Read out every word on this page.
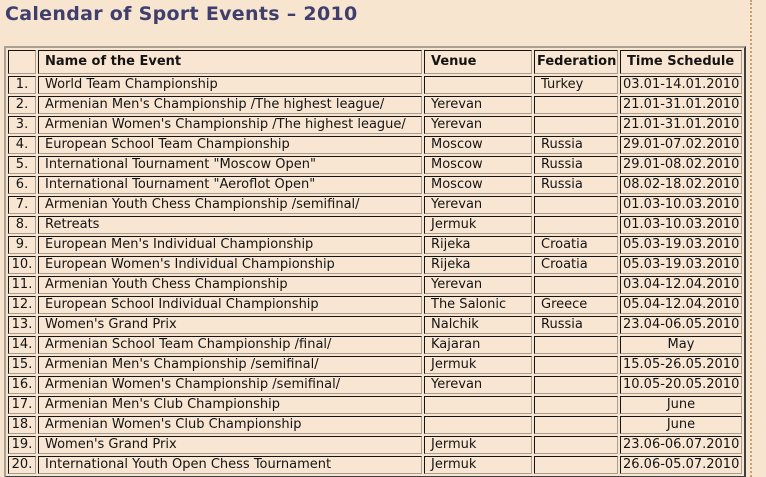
Calendar of Sport Events – 2010
	Name of the Event	Venue	Federation	Time Schedule
1.	World Team Championship		Turkey	03.01-14.01.2010
2.	Armenian Men's Championship /The highest league/	Yerevan		21.01-31.01.2010
3.	Armenian Women's Championship /The highest league/	Yerevan		21.01-31.01.2010
4.	European School Team Championship	Moscow	Russia	29.01-07.02.2010
5.	International Tournament "Moscow Open"	Moscow	Russia	29.01-08.02.2010
6.	International Tournament "Aeroflot Open"	Moscow	Russia	08.02-18.02.2010
7.	Armenian Youth Chess Championship /semifinal/	Yerevan		01.03-10.03.2010
8.	Retreats	Jermuk		01.03-10.03.2010
9.	European Men's Individual Championship	Rijeka	Croatia	05.03-19.03.2010
10.	European Women's Individual Championship	Rijeka	Croatia	05.03-19.03.2010
11.	Armenian Youth Chess Championship	Yerevan		03.04-12.04.2010
12.	European School Individual Championship	The Salonic	Greece	05.04-12.04.2010
13.	Women's Grand Prix	Nalchik	Russia	23.04-06.05.2010
14.	Armenian School Team Championship /final/	Kajaran		May
15.	Armenian Men's Championship /semifinal/	Jermuk		15.05-26.05.2010
16.	Armenian Women's Championship /semifinal/	Yerevan		10.05-20.05.2010
17.	Armenian Men's Club Championship			June
18.	Armenian Women's Club Championship			June
19.	Women's Grand Prix	Jermuk		23.06-06.07.2010
20.	International Youth Open Chess Tournament	Jermuk		26.06-05.07.2010
